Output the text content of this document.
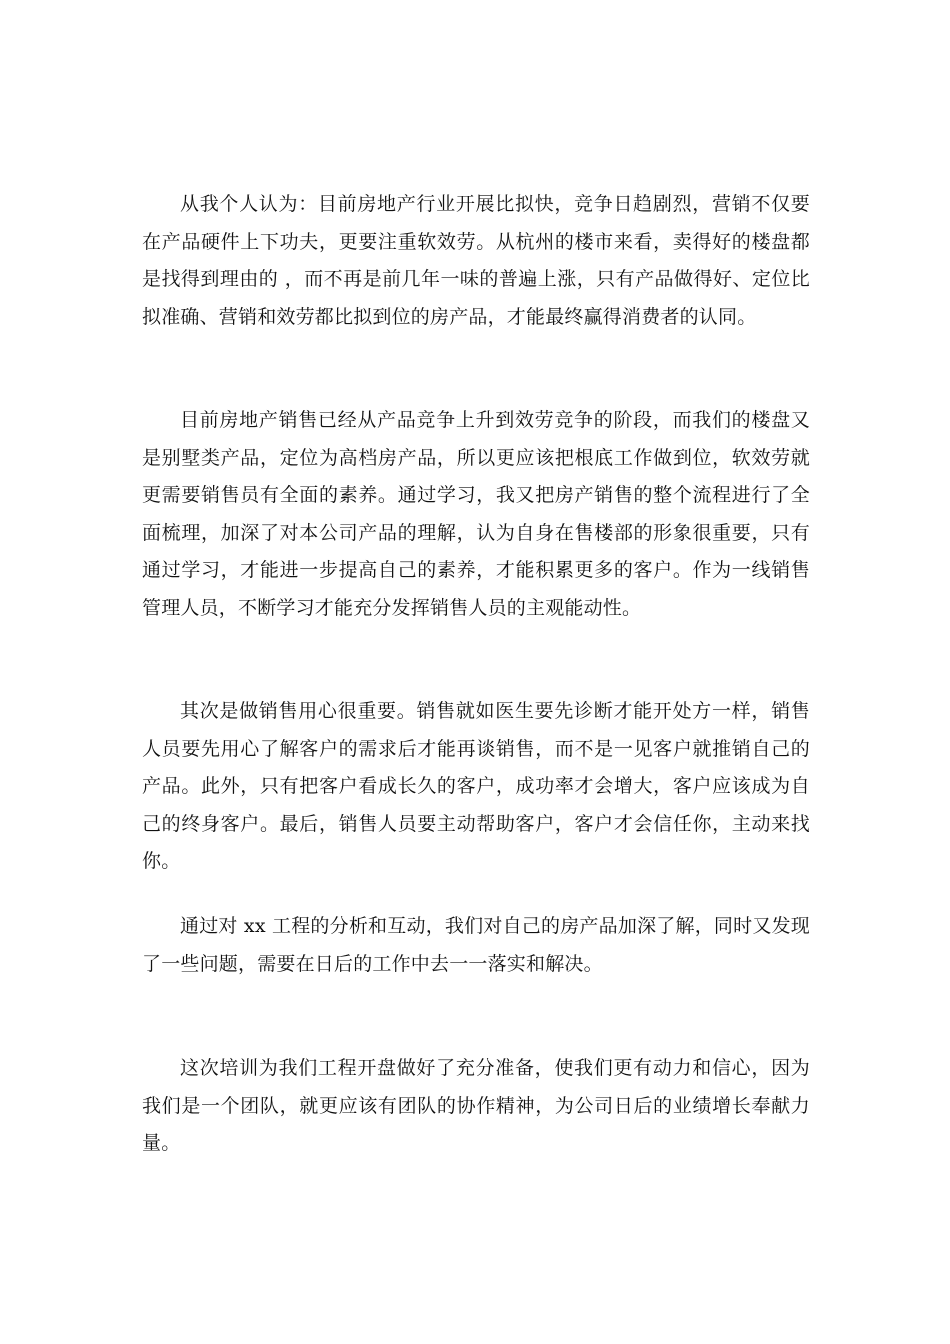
从我个人认为：目前房地产行业开展比拟快，竞争日趋剧烈，营销不仅要在产品硬件上下功夫，更要注重软效劳。从杭州的楼市来看，卖得好的楼盘都是找得到理由的 ，而不再是前几年一味的普遍上涨，只有产品做得好、定位比拟准确、营销和效劳都比拟到位的房产品，才能最终赢得消费者的认同。

目前房地产销售已经从产品竞争上升到效劳竞争的阶段，而我们的楼盘又是别墅类产品，定位为高档房产品，所以更应该把根底工作做到位，软效劳就更需要销售员有全面的素养。通过学习，我又把房产销售的整个流程进行了全面梳理，加深了对本公司产品的理解，认为自身在售楼部的形象很重要，只有通过学习，才能进一步提高自己的素养，才能积累更多的客户。作为一线销售管理人员，不断学习才能充分发挥销售人员的主观能动性。

其次是做销售用心很重要。销售就如医生要先诊断才能开处方一样，销售人员要先用心了解客户的需求后才能再谈销售，而不是一见客户就推销自己的产品。此外，只有把客户看成长久的客户，成功率才会增大，客户应该成为自己的终身客户。最后，销售人员要主动帮助客户，客户才会信任你，主动来找你。

通过对 xx 工程的分析和互动，我们对自己的房产品加深了解，同时又发现了一些问题，需要在日后的工作中去一一落实和解决。

这次培训为我们工程开盘做好了充分准备，使我们更有动力和信心，因为我们是一个团队，就更应该有团队的协作精神，为公司日后的业绩增长奉献力量。
